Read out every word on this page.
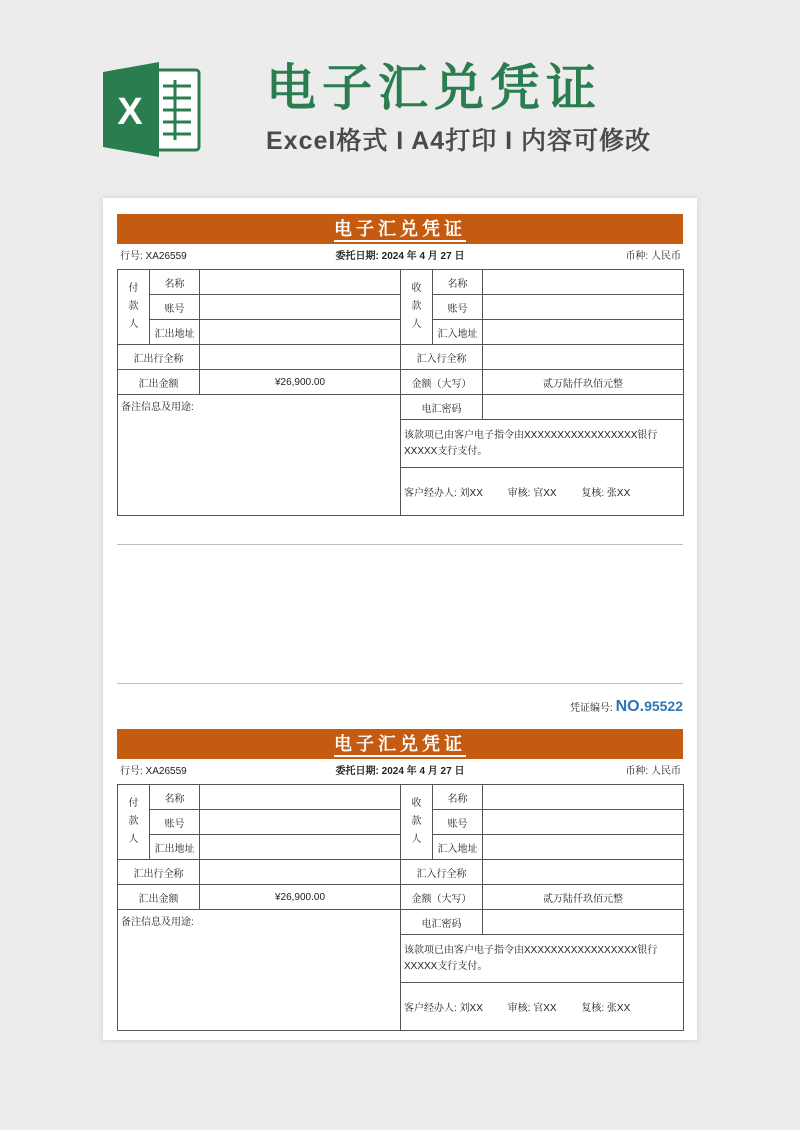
X 电子汇兑凭证
Excel格式 I A4打印 I 内容可修改
电子汇兑凭证
行号: XA26559	委托日期: 2024 年 4 月 27 日	币种: 人民币
付款人	名称		收款人	名称	
	账号			账号	
	汇出地址			汇入地址	
汇出行全称			汇入行全称		
汇出金额		¥26,900.00	金额（大写）		贰万陆仟玖佰元整
备注信息及用途:			电汇密码		
			该款项已由客户电子指令由XXXXXXXXXXXXXXXXX银行XXXXX支行支付。		
			客户经办人: 刘XX 审核: 官XX 复核: 张XX		
凭证编号: NO.95522
电子汇兑凭证
行号: XA26559	委托日期: 2024 年 4 月 27 日	币种: 人民币
付款人	名称		收款人	名称	
	账号			账号	
	汇出地址			汇入地址	
汇出行全称			汇入行全称		
汇出金额		¥26,900.00	金额（大写）		贰万陆仟玖佰元整
备注信息及用途:			电汇密码		
			该款项已由客户电子指令由XXXXXXXXXXXXXXXXX银行XXXXX支行支付。		
			客户经办人: 刘XX 审核: 官XX 复核: 张XX		
